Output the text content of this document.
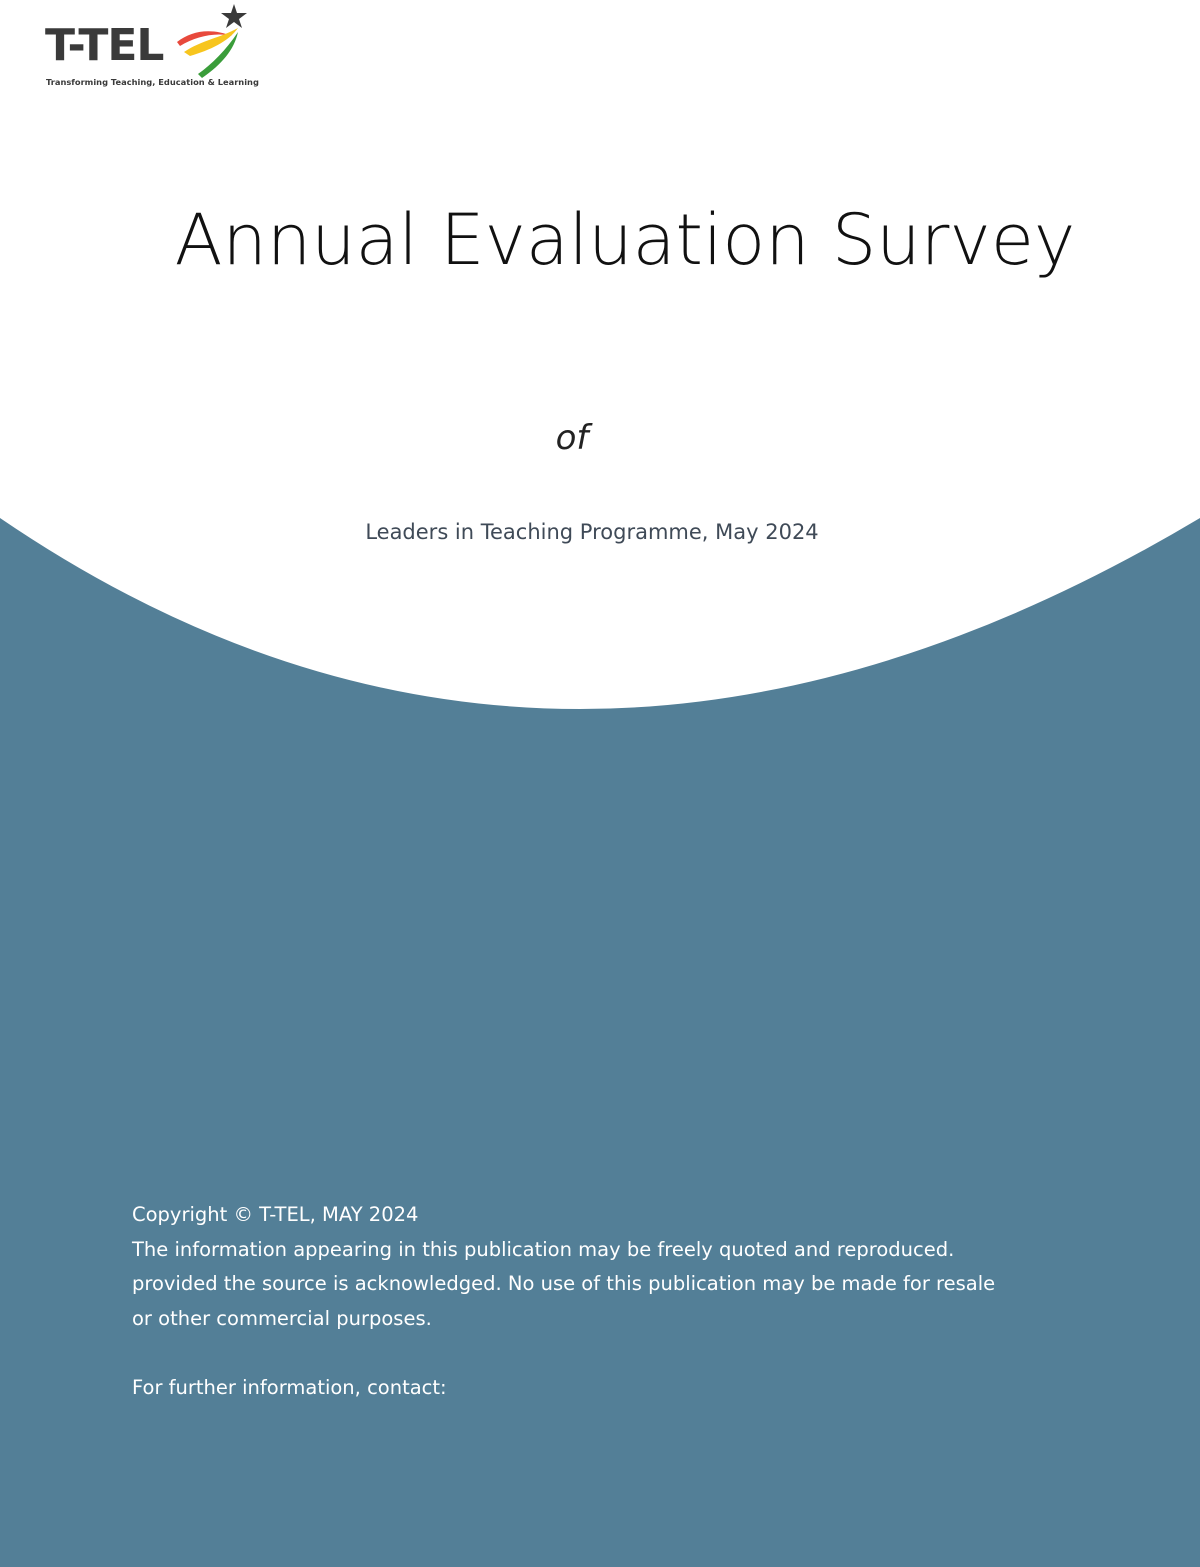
T-TEL
Transforming Teaching, Education & Learning
Annual Evaluation Survey
of
Leaders in Teaching Programme, May 2024
Copyright © T-TEL, MAY 2024
The information appearing in this publication may be freely quoted and reproduced.
provided the source is acknowledged. No use of this publication may be made for resale
or other commercial purposes.
For further information, contact:
